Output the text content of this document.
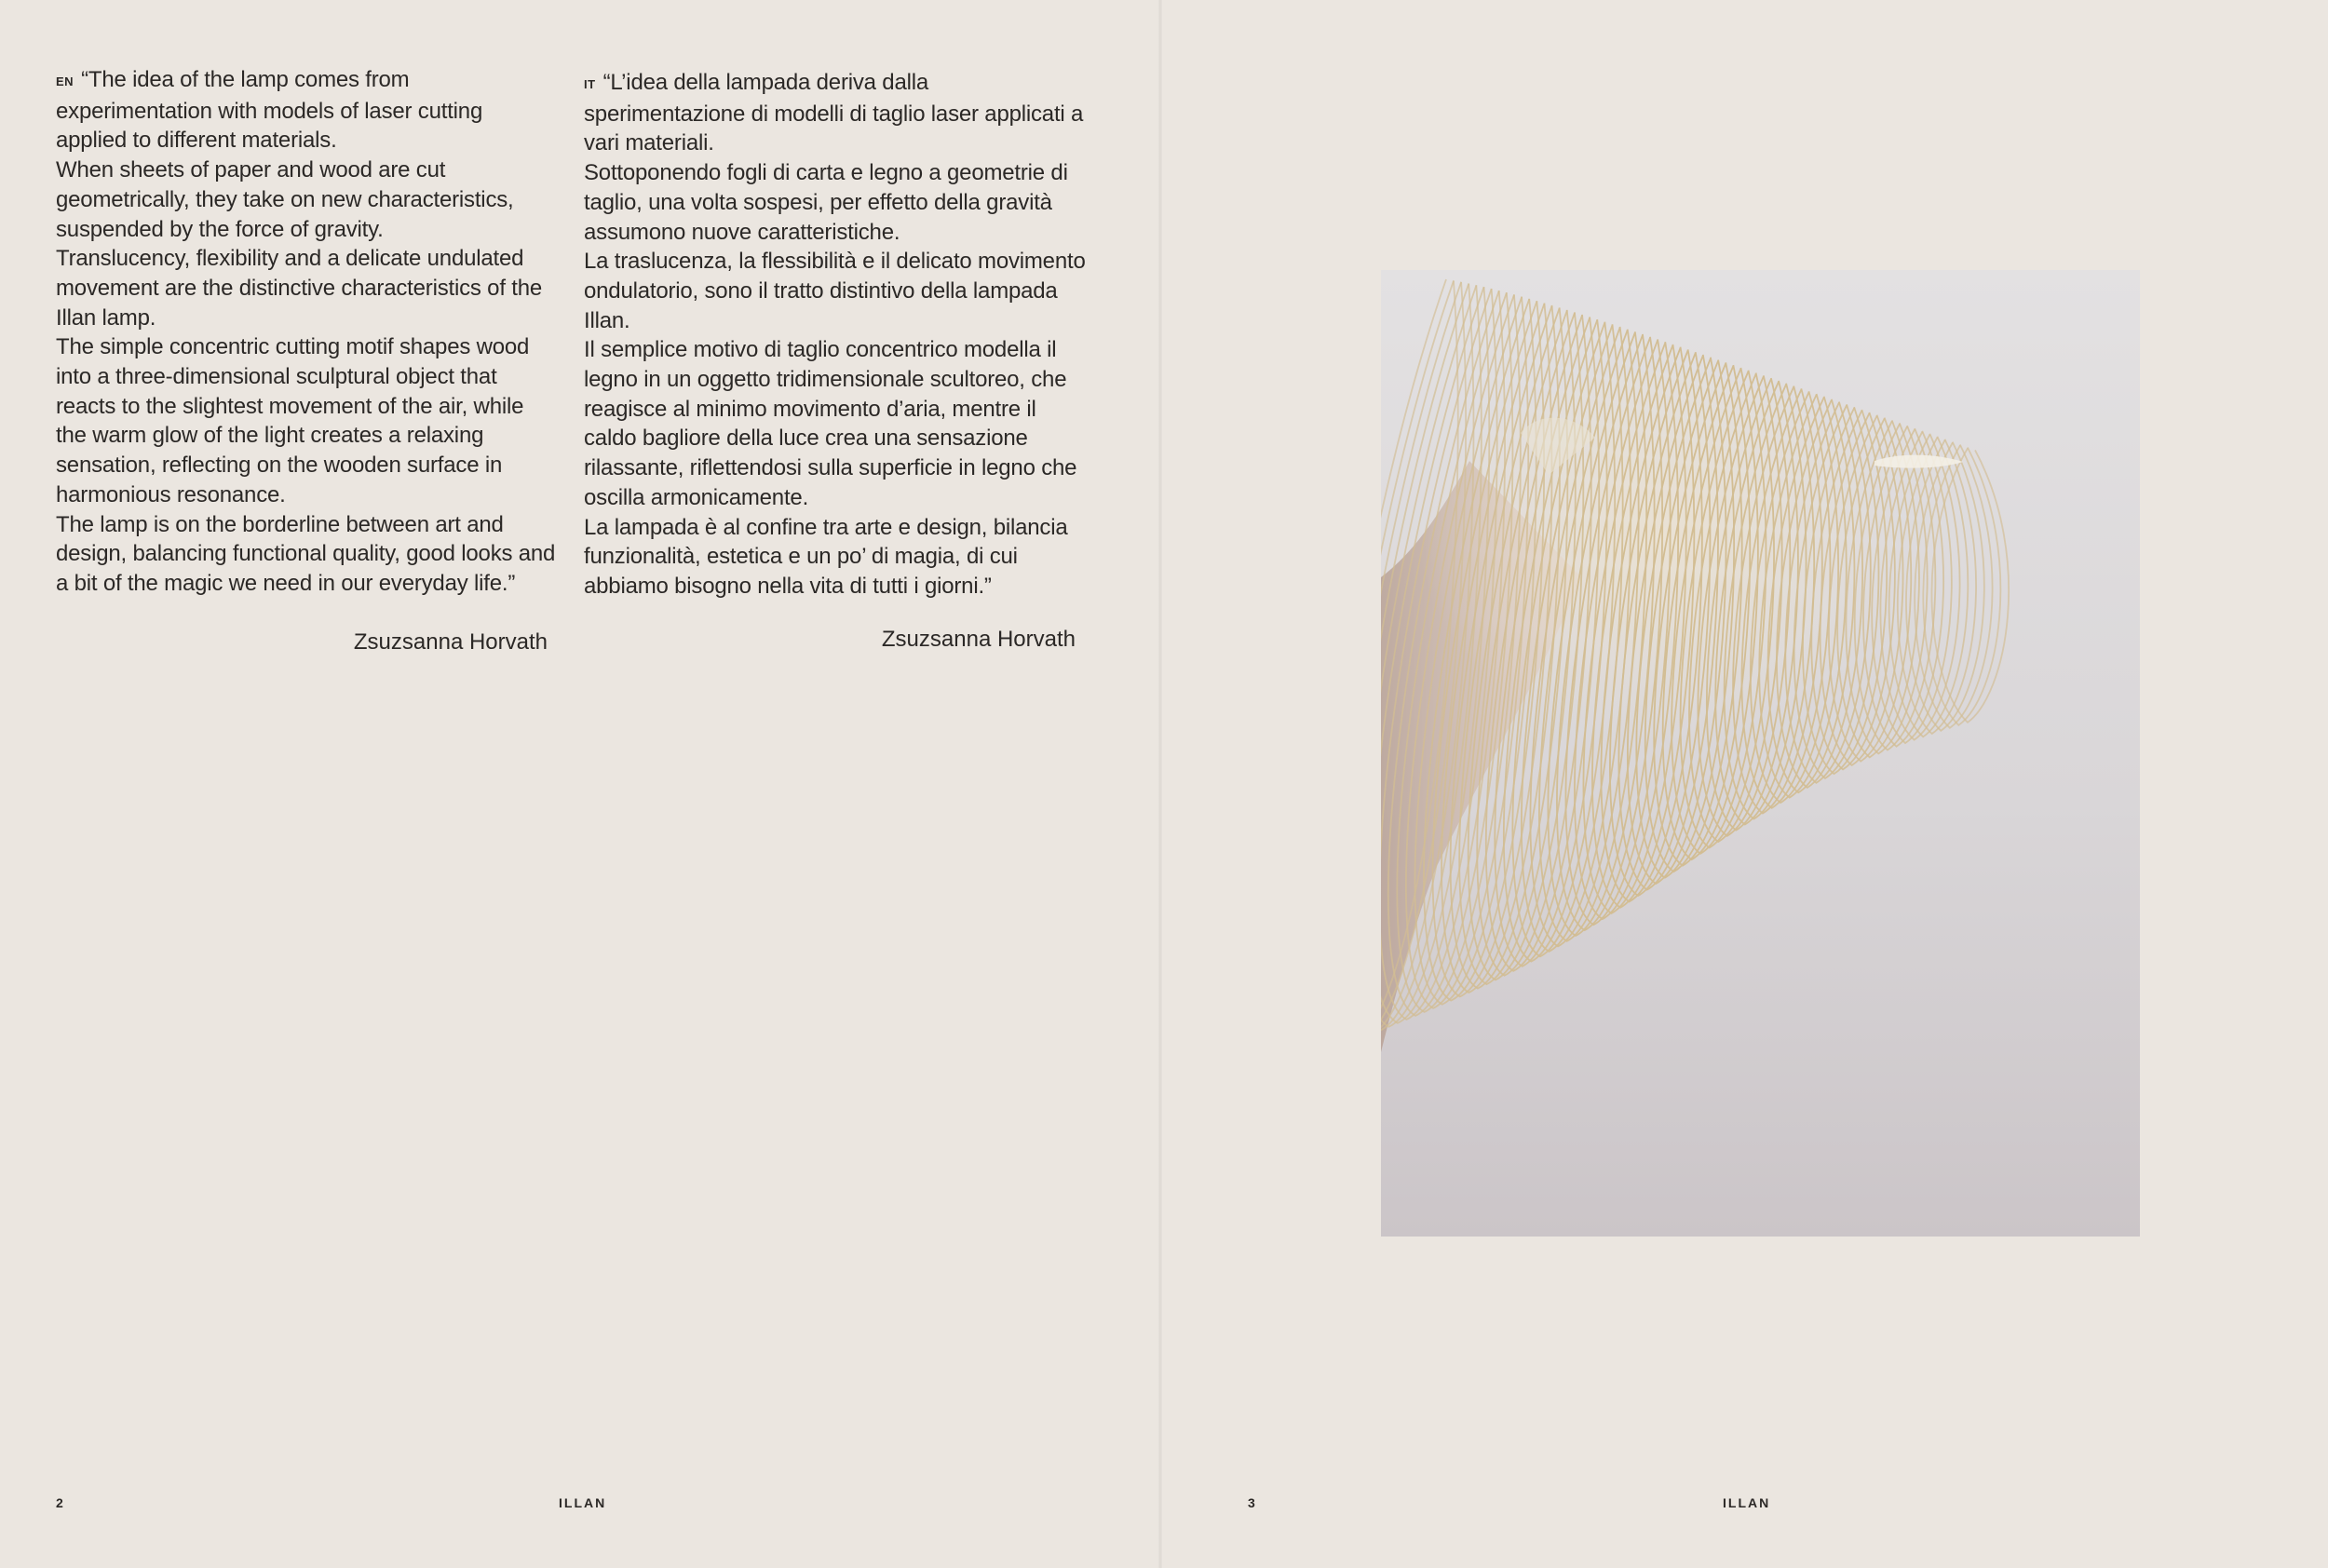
EN “The idea of the lamp comes from experimentation with models of laser cutting applied to different materials.

When sheets of paper and wood are cut geometrically, they take on new characteristics, suspended by the force of gravity.

Translucency, flexibility and a delicate undulated movement are the distinctive characteristics of the Illan lamp.

The simple concentric cutting motif shapes wood into a three-dimensional sculptural object that reacts to the slightest movement of the air, while the warm glow of the light creates a relaxing sensation, reflecting on the wooden surface in harmonious resonance.

The lamp is on the borderline between art and design, balancing functional quality, good looks and a bit of the magic we need in our everyday life.”

Zsuzsanna Horvath

IT “L’idea della lampada deriva dalla sperimentazione di modelli di taglio laser applicati a vari materiali.

Sottoponendo fogli di carta e legno a geometrie di taglio, una volta sospesi, per effetto della gravità assumono nuove caratteristiche.

La traslucenza, la flessibilità e il delicato movimento ondulatorio, sono il tratto distintivo della lampada Illan.

Il semplice motivo di taglio concentrico modella il legno in un oggetto tridimensionale scultoreo, che reagisce al minimo movimento d’aria, mentre il caldo bagliore della luce crea una sensazione rilassante, riflettendosi sulla superficie in legno che oscilla armonicamente.

La lampada è al confine tra arte e design, bilancia funzionalità, estetica e un po’ di magia, di cui abbiamo bisogno nella vita di tutti i giorni.”

Zsuzsanna Horvath
2	ILLAN	3	ILLAN
